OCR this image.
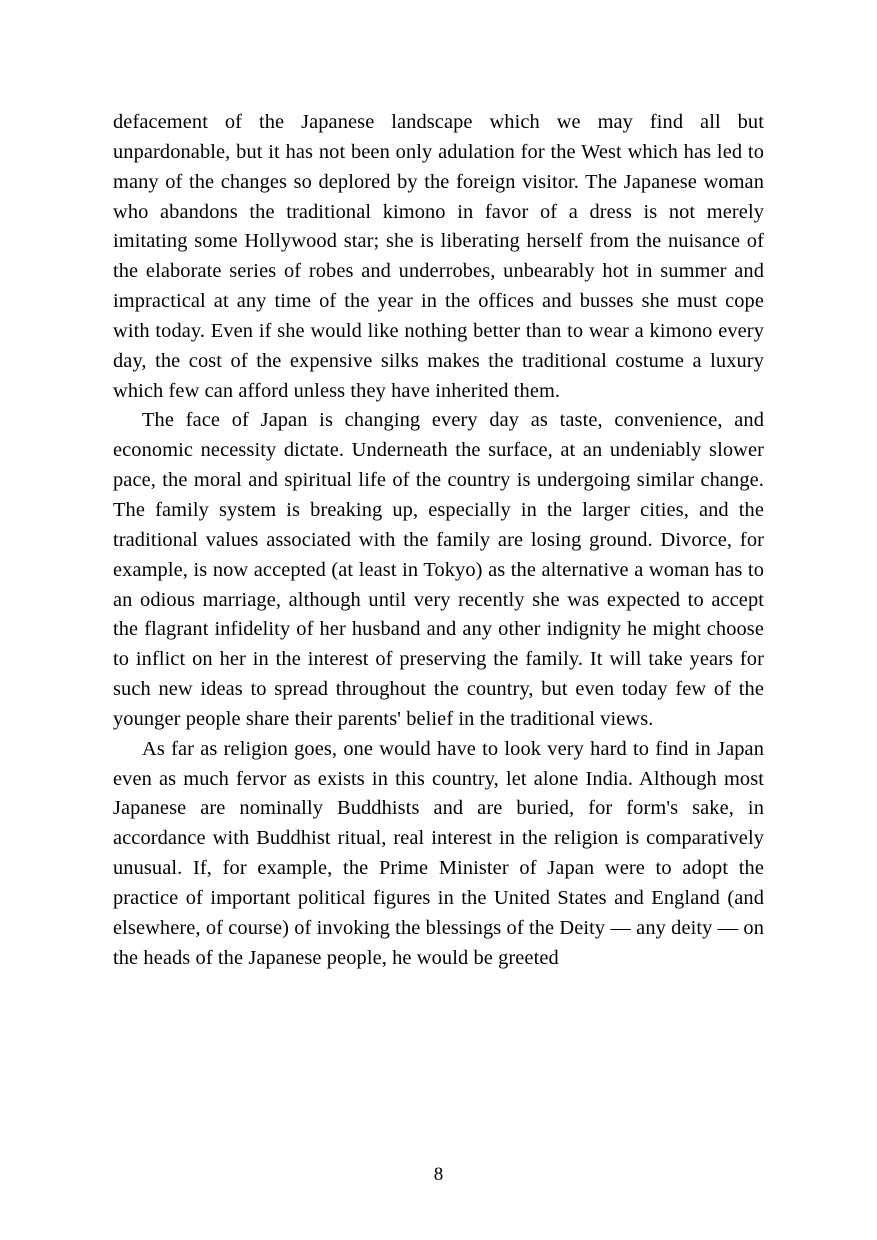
defacement of the Japanese landscape which we may find all but unpardonable, but it has not been only adulation for the West which has led to many of the changes so deplored by the foreign visitor. The Japanese woman who abandons the traditional kimono in favor of a dress is not merely imitating some Hollywood star; she is liberating herself from the nuisance of the elaborate series of robes and underrobes, unbearably hot in summer and impractical at any time of the year in the offices and busses she must cope with today. Even if she would like nothing better than to wear a kimono every day, the cost of the expensive silks makes the traditional costume a luxury which few can afford unless they have inherited them.

The face of Japan is changing every day as taste, convenience, and economic necessity dictate. Underneath the surface, at an undeniably slower pace, the moral and spiritual life of the country is undergoing similar change. The family system is breaking up, especially in the larger cities, and the traditional values associated with the family are losing ground. Divorce, for example, is now accepted (at least in Tokyo) as the alternative a woman has to an odious marriage, although until very recently she was expected to accept the flagrant infidelity of her husband and any other indignity he might choose to inflict on her in the interest of preserving the family. It will take years for such new ideas to spread throughout the country, but even today few of the younger people share their parents' belief in the traditional views.

As far as religion goes, one would have to look very hard to find in Japan even as much fervor as exists in this country, let alone India. Although most Japanese are nominally Buddhists and are buried, for form's sake, in accordance with Buddhist ritual, real interest in the religion is comparatively unusual. If, for example, the Prime Minister of Japan were to adopt the practice of important political figures in the United States and England (and elsewhere, of course) of invoking the blessings of the Deity — any deity — on the heads of the Japanese people, he would be greeted

8
